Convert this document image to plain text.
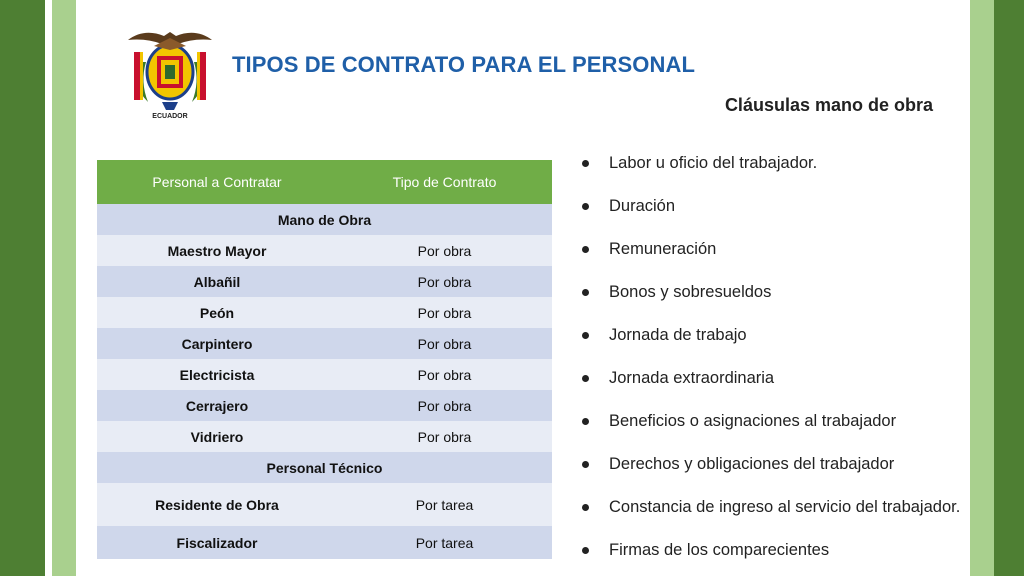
ECUADOR
TIPOS DE CONTRATO PARA EL PERSONAL
Cláusulas mano de obra
Personal a Contratar	Tipo de Contrato
Mano de Obra	
Maestro Mayor	Por obra
Albañil	Por obra
Peón	Por obra
Carpintero	Por obra
Electricista	Por obra
Cerrajero	Por obra
Vidriero	Por obra
Personal Técnico	
Residente de Obra	Por tarea
Fiscalizador	Por tarea
Labor u oficio del trabajador.
Duración
Remuneración
Bonos y sobresueldos
Jornada de trabajo
Jornada extraordinaria
Beneficios o asignaciones al trabajador
Derechos y obligaciones del trabajador
Constancia de ingreso al servicio del trabajador.
Firmas de los comparecientes
